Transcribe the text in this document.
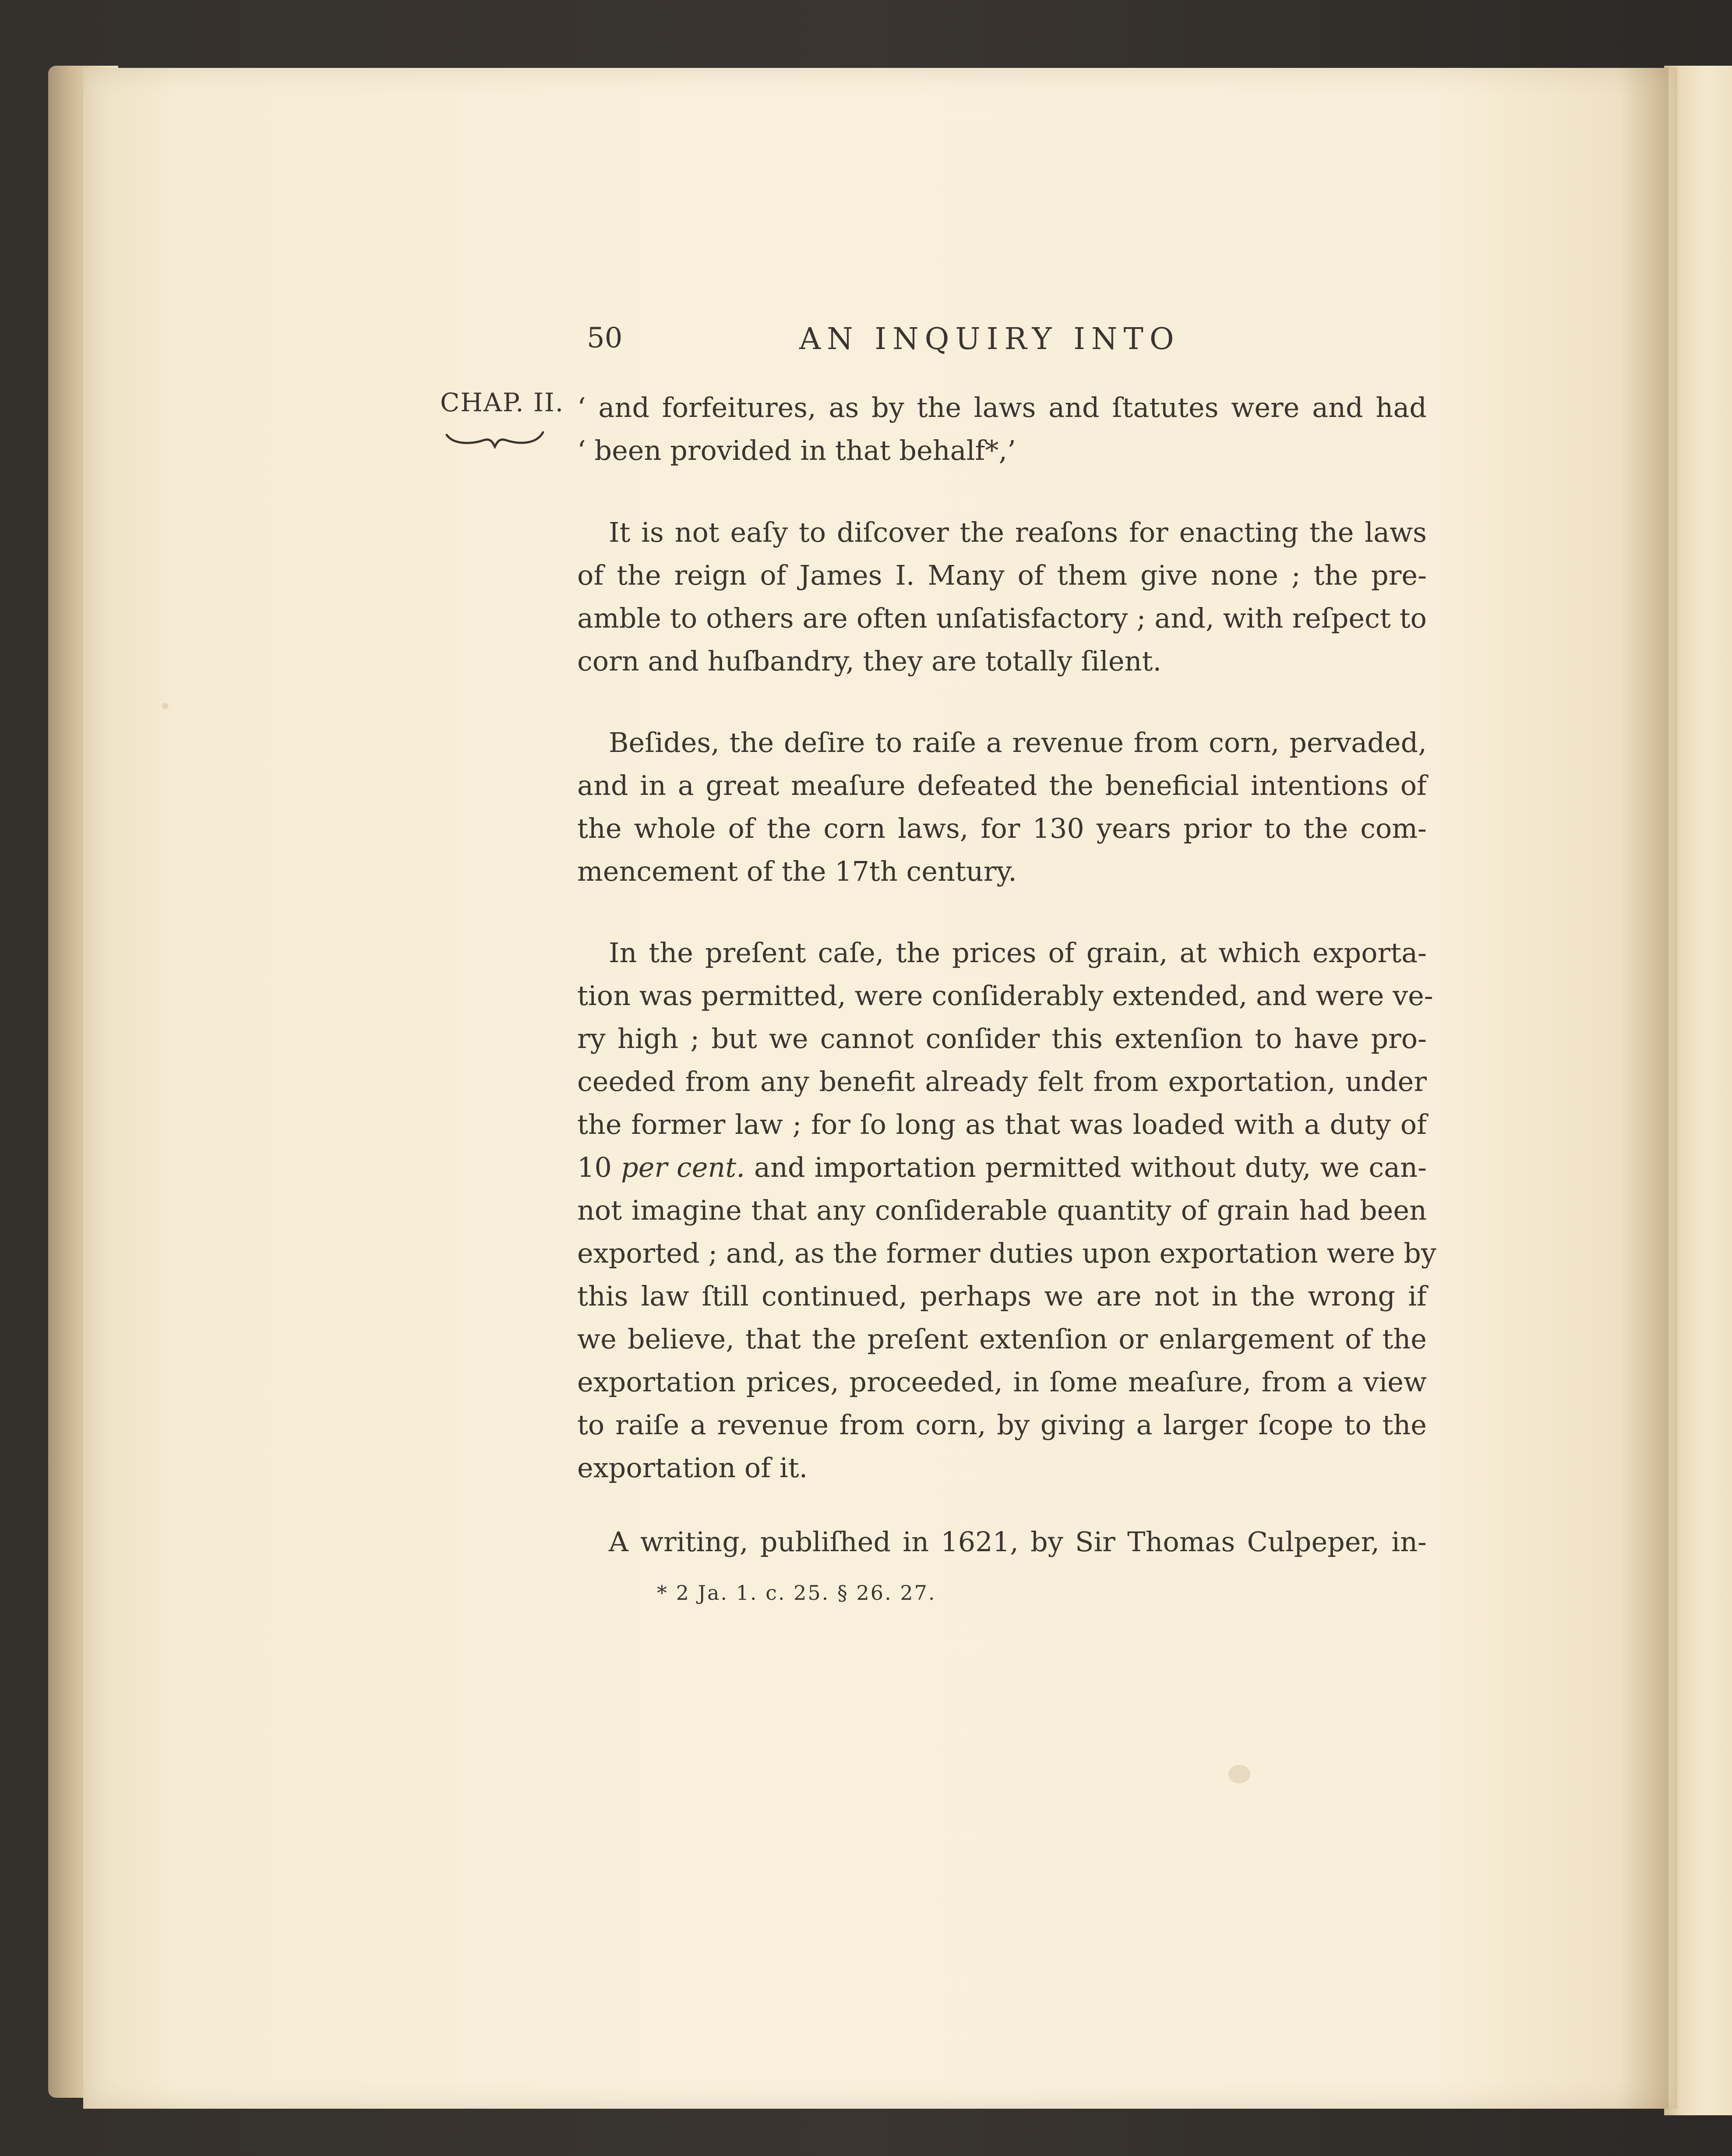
50	AN INQUIRY INTO
CHAP. II. ‘ and forfeitures, as by the laws and ſtatutes were and had
‘ been provided in that behalf*,’
It is not eaſy to diſcover the reaſons for enacting the laws
of the reign of James I. Many of them give none ; the pre-
amble to others are often unſatisfactory ; and, with reſpect to
corn and huſbandry, they are totally ſilent.
Beſides, the deſire to raiſe a revenue from corn, pervaded,
and in a great meaſure defeated the beneficial intentions of
the whole of the corn laws, for 130 years prior to the com-
mencement of the 17th century.
In the preſent caſe, the prices of grain, at which exporta-
tion was permitted, were conſiderably extended, and were ve-
ry high ; but we cannot conſider this extenſion to have pro-
ceeded from any benefit already felt from exportation, under
the former law ; for ſo long as that was loaded with a duty of
10 per cent. and importation permitted without duty, we can-
not imagine that any conſiderable quantity of grain had been
exported ; and, as the former duties upon exportation were by
this law ſtill continued, perhaps we are not in the wrong if
we believe, that the preſent extenſion or enlargement of the
exportation prices, proceeded, in ſome meaſure, from a view
to raiſe a revenue from corn, by giving a larger ſcope to the
exportation of it.
A writing, publiſhed in 1621, by Sir Thomas Culpeper, in-
* 2 Ja. 1. c. 25. § 26. 27.
